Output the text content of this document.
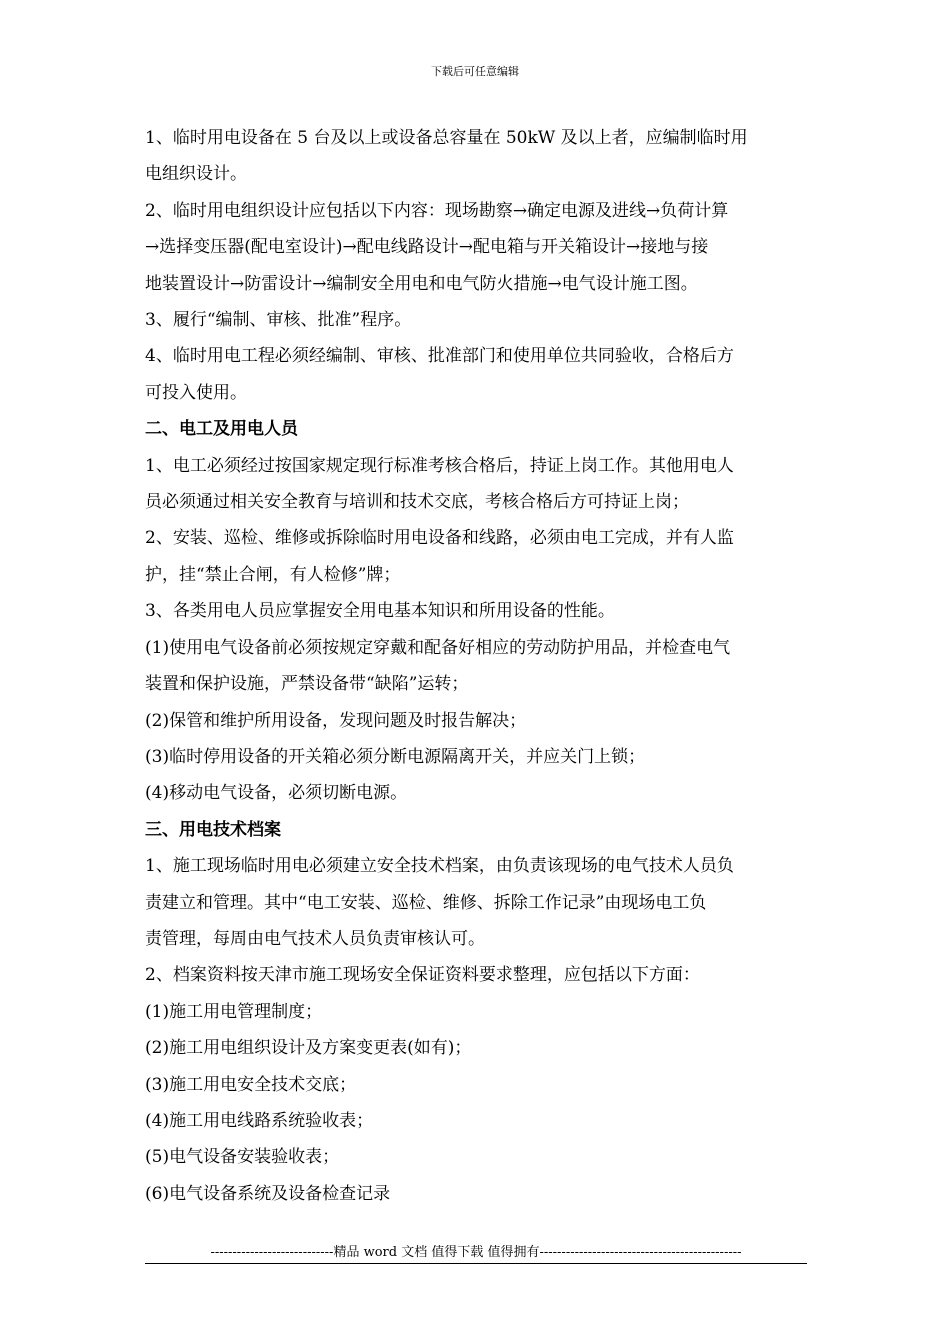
下载后可任意编辑
1、临时用电设备在 5 台及以上或设备总容量在 50kW 及以上者，应编制临时用
电组织设计。
2、临时用电组织设计应包括以下内容：现场勘察→确定电源及进线→负荷计算
→选择变压器(配电室设计)→配电线路设计→配电箱与开关箱设计→接地与接
地装置设计→防雷设计→编制安全用电和电气防火措施→电气设计施工图。
3、履行“编制、审核、批准”程序。
4、临时用电工程必须经编制、审核、批准部门和使用单位共同验收，合格后方
可投入使用。
二、电工及用电人员
1、电工必须经过按国家规定现行标准考核合格后，持证上岗工作。其他用电人
员必须通过相关安全教育与培训和技术交底，考核合格后方可持证上岗；
2、安装、巡检、维修或拆除临时用电设备和线路，必须由电工完成，并有人监
护，挂“禁止合闸，有人检修”牌；
3、各类用电人员应掌握安全用电基本知识和所用设备的性能。
(1)使用电气设备前必须按规定穿戴和配备好相应的劳动防护用品，并检查电气
装置和保护设施，严禁设备带“缺陷”运转；
(2)保管和维护所用设备，发现问题及时报告解决；
(3)临时停用设备的开关箱必须分断电源隔离开关，并应关门上锁；
(4)移动电气设备，必须切断电源。
三、用电技术档案
1、施工现场临时用电必须建立安全技术档案，由负责该现场的电气技术人员负
责建立和管理。其中“电工安装、巡检、维修、拆除工作记录”由现场电工负
责管理，每周由电气技术人员负责审核认可。
2、档案资料按天津市施工现场安全保证资料要求整理，应包括以下方面：
(1)施工用电管理制度；
(2)施工用电组织设计及方案变更表(如有)；
(3)施工用电安全技术交底；
(4)施工用电线路系统验收表；
(5)电气设备安装验收表；
(6)电气设备系统及设备检查记录
----------------------------精品 word 文档 值得下载 值得拥有----------------------------------------------
